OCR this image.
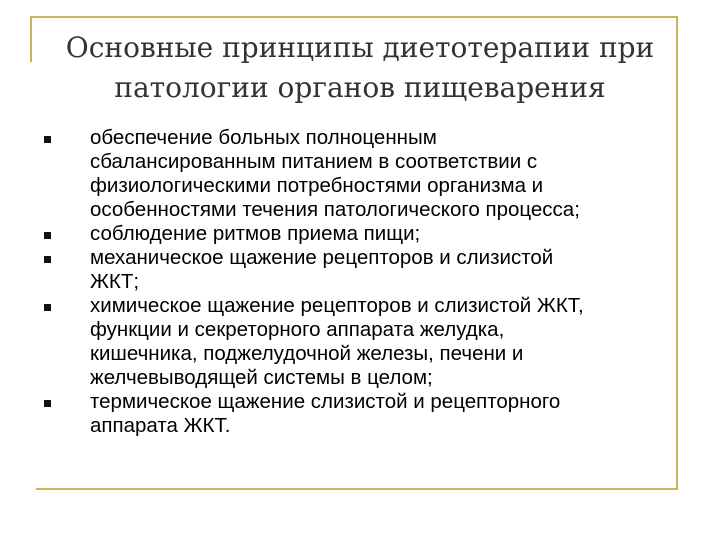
Основные принципы диетотерапии при
патологии органов пищеварения
обеспечение больных полноценным
сбалансированным питанием в соответствии с
физиологическими потребностями организма и
особенностями течения патологического процесса;
соблюдение ритмов приема пищи;
механическое щажение рецепторов и слизистой
ЖКТ;
химическое щажение рецепторов и слизистой ЖКТ,
функции и секреторного аппарата желудка,
кишечника, поджелудочной железы, печени и
желчевыводящей системы в целом;
термическое щажение слизистой и рецепторного
аппарата ЖКТ.
